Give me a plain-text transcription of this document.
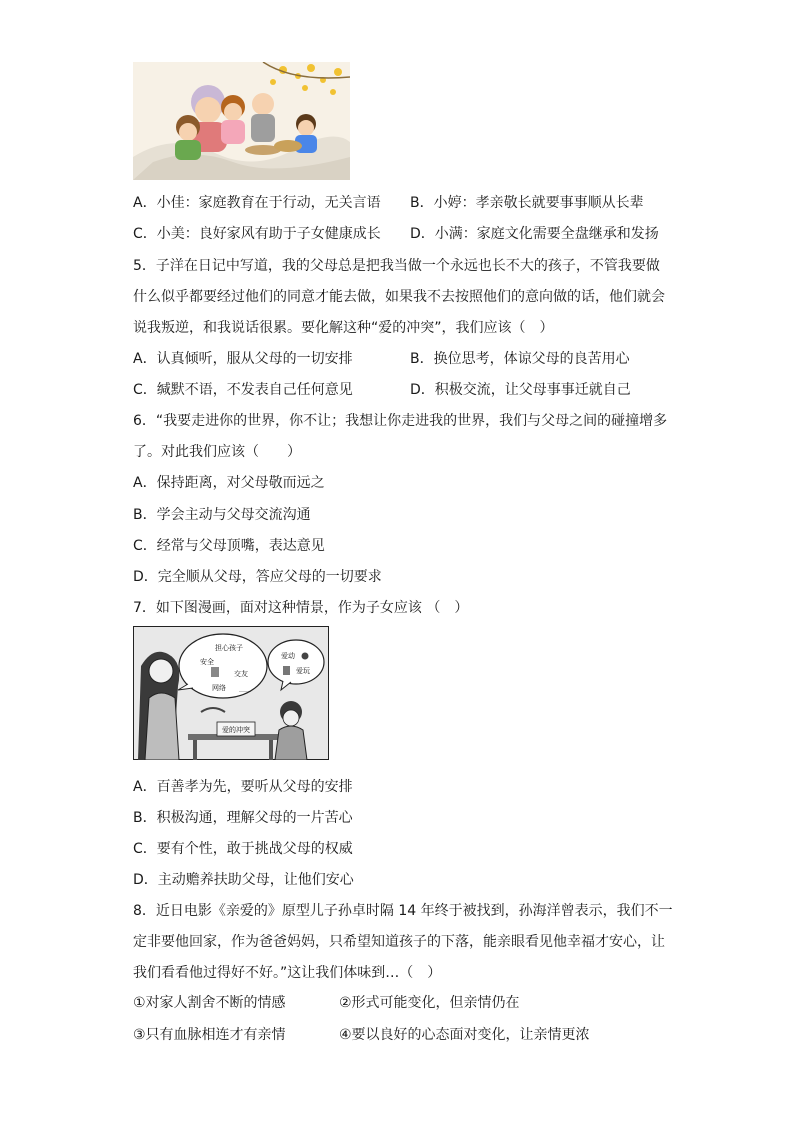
A．小佳：家庭教育在于行动，无关言语 B．小婷：孝亲敬长就要事事顺从长辈
C．小美：良好家风有助于子女健康成长 D．小满：家庭文化需要全盘继承和发扬
5．子洋在日记中写道，我的父母总是把我当做一个永远也长不大的孩子，不管我要做
什么似乎都要经过他们的同意才能去做，如果我不去按照他们的意向做的话，他们就会
说我叛逆，和我说话很累。要化解这种“爱的冲突”，我们应该（　）
A．认真倾听，服从父母的一切安排	B．换位思考，体谅父母的良苦用心
C．缄默不语，不发表自己任何意见	D．积极交流，让父母事事迁就自己
6．“我要走进你的世界，你不让；我想让你走进我的世界，我们与父母之间的碰撞增多
了。对此我们应该（　　）
A．保持距离，对父母敬而远之
B．学会主动与父母交流沟通
C．经常与父母顶嘴，表达意见
D．完全顺从父母，答应父母的一切要求
7．如下图漫画，面对这种情景，作为子女应该 （　）
担心孩子
安全
交友
网络 ……
爱动
爱玩
爱的冲突
A．百善孝为先，要听从父母的安排
B．积极沟通，理解父母的一片苦心
C．要有个性，敢于挑战父母的权威
D．主动赡养扶助父母，让他们安心
8．近日电影《亲爱的》原型儿子孙卓时隔 14 年终于被找到，孙海洋曾表示，我们不一
定非要他回家，作为爸爸妈妈，只希望知道孩子的下落，能亲眼看见他幸福才安心，让
我们看看他过得好不好。”这让我们体味到…（　）
①对家人割舍不断的情感	②形式可能变化，但亲情仍在
③只有血脉相连才有亲情	④要以良好的心态面对变化，让亲情更浓
